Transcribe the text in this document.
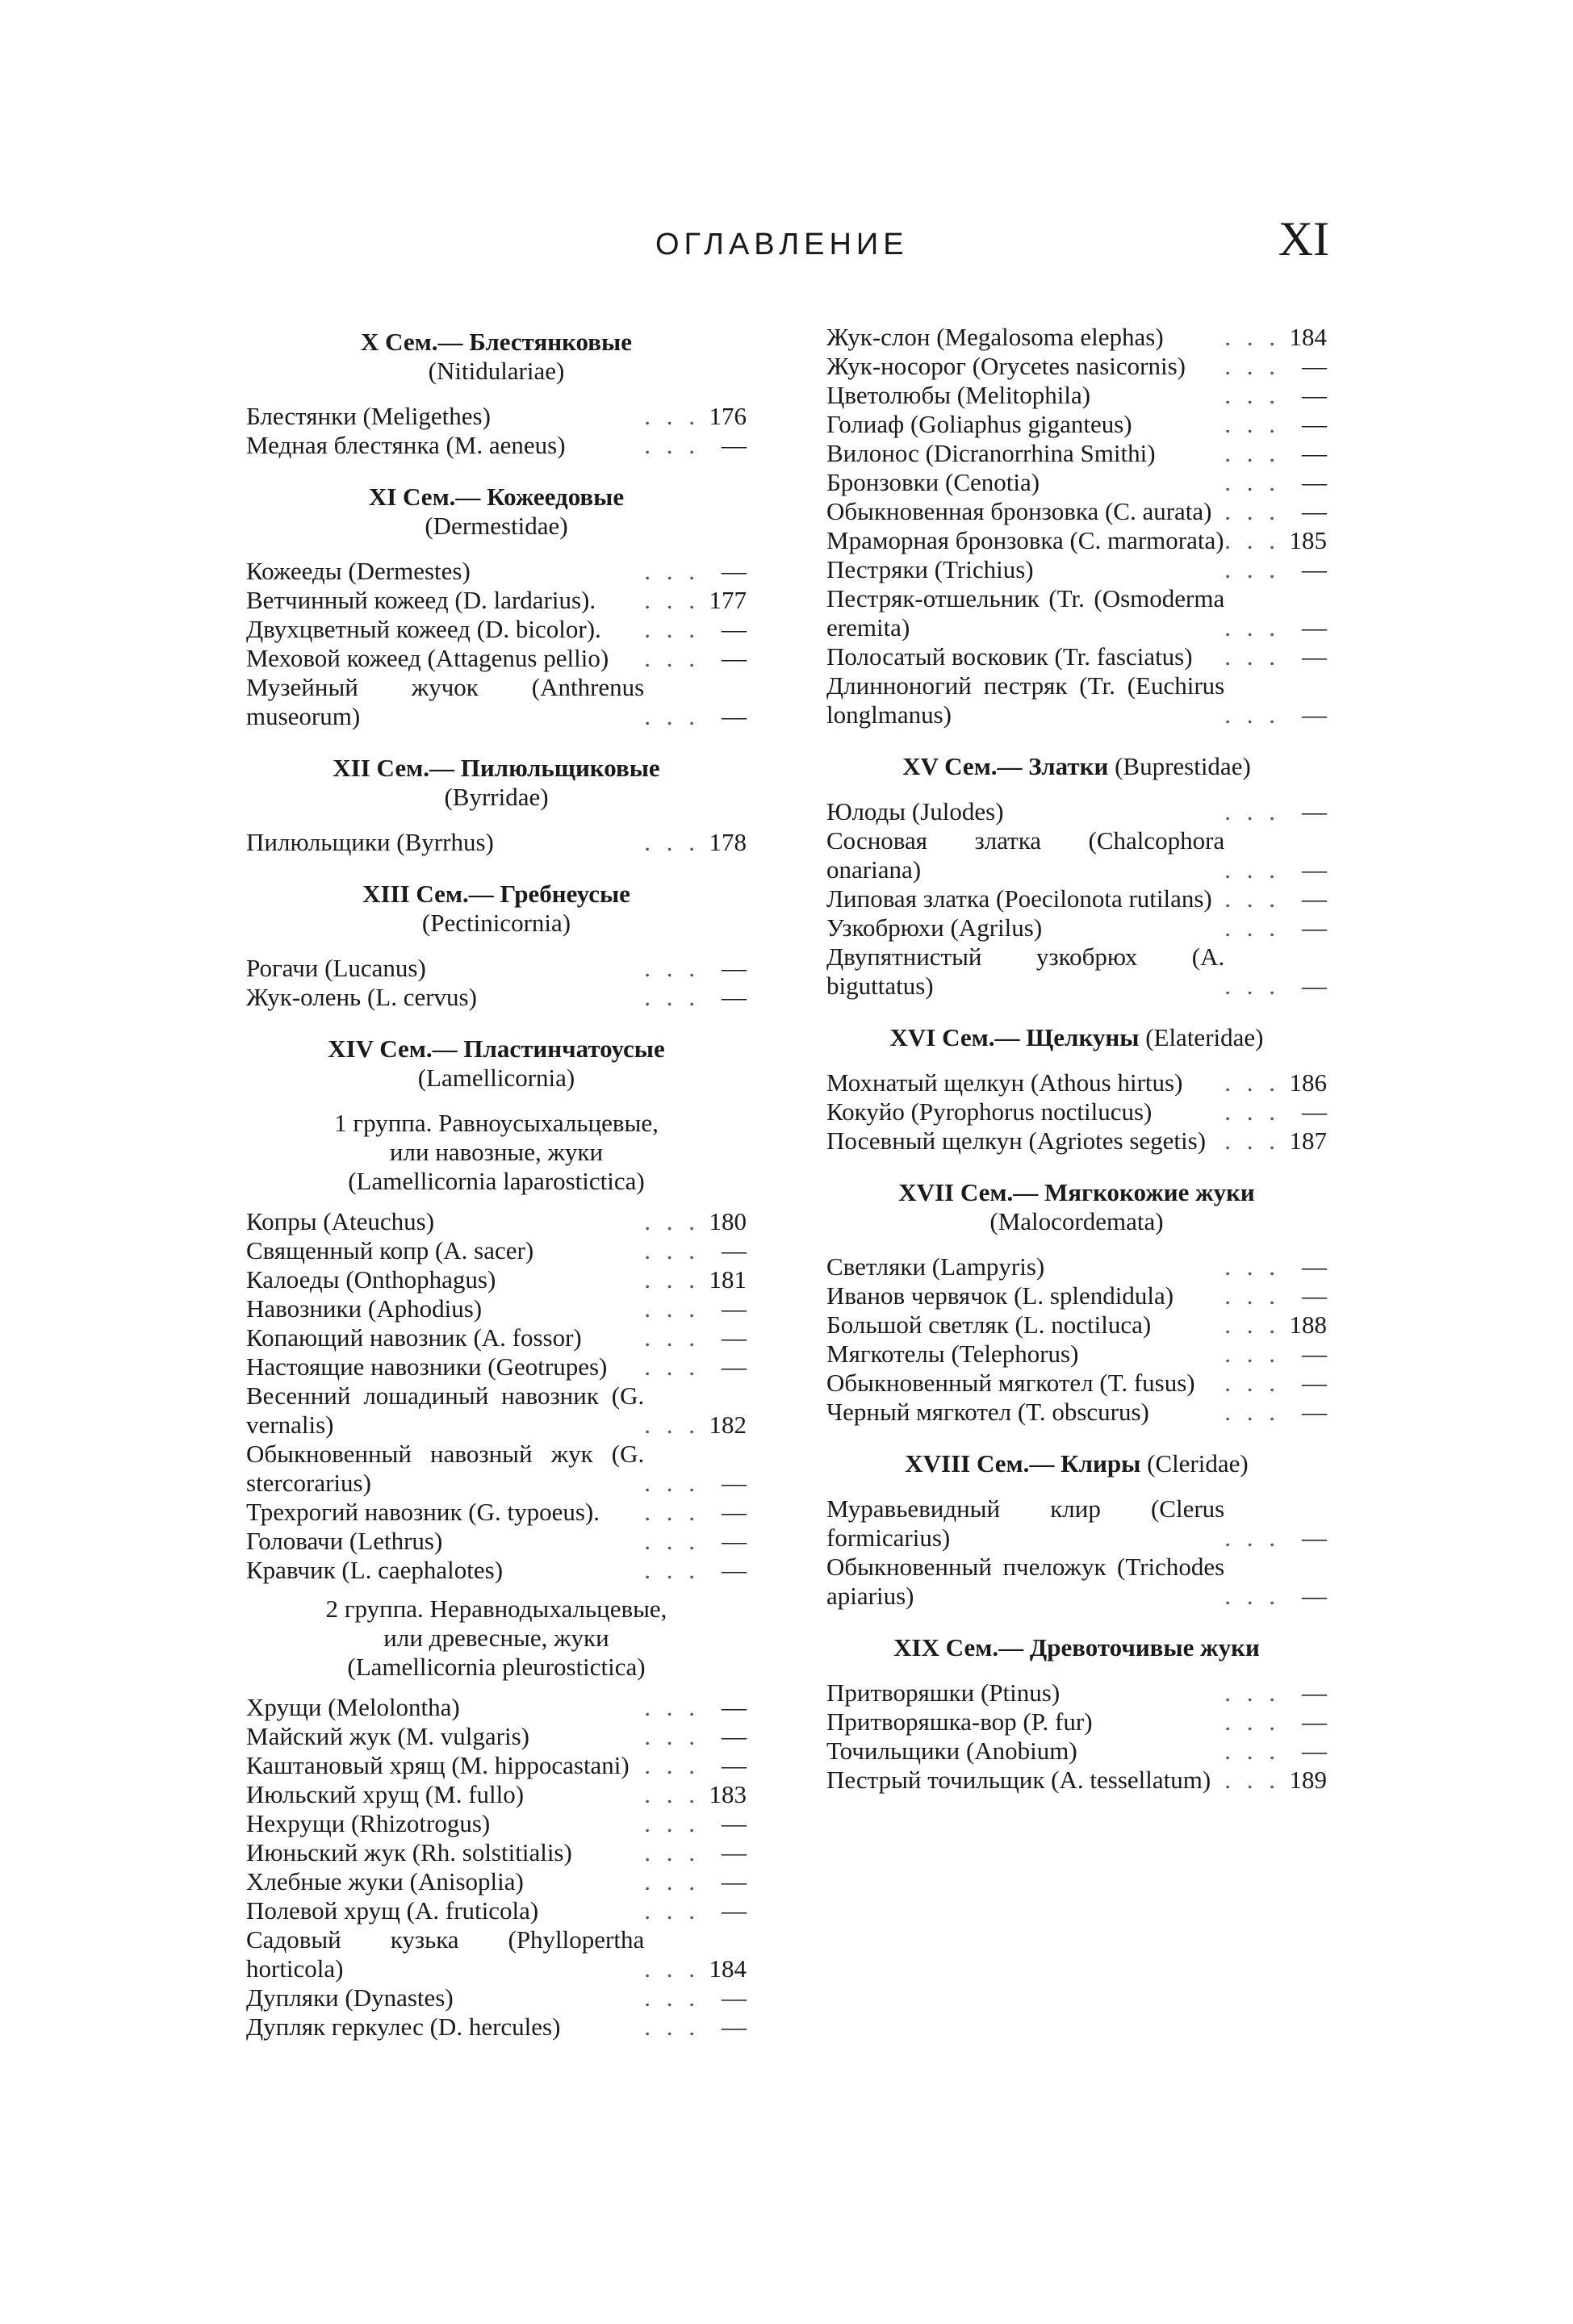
ОГЛАВЛЕНИЕ	XI
X Сем.— Блестянковые (Nitidulariae)
Блестянки (Meligethes)	. . . 176
Медная блестянка (M. aeneus)	. . . —
XI Сем.— Кожеедовые (Dermestidae)
Кожееды (Dermestes)	. . . —
Ветчинный кожеед (D. lardarius).	. . . 177
Двухцветный кожеед (D. bicolor).	. . . —
Меховой кожеед (Attagenus pellio)	. . . —
Музейный жучок (Anthrenus museorum)	. . . —
XII Сем.— Пилюльщиковые (Byrridae)
Пилюльщики (Byrrhus)	. . . 178
XIII Сем.— Гребнеусые (Pectinicornia)
Рогачи (Lucanus)	. . . —
Жук-олень (L. cervus)	. . . —
XIV Сем.— Пластинчатоусые (Lamellicornia)
1 группа. Равноусыхальцевые, или навозные, жуки (Lamellicornia laparostictica)
Копры (Ateuchus)	. . . 180
Священный копр (A. sacer)	. . . —
Калоеды (Onthophagus)	. . . 181
Навозники (Aphodius)	. . . —
Копающий навозник (A. fossor)	. . . —
Настоящие навозники (Geotrupes)	. . . —
Весенний лошадиный навозник (G. vernalis)	. . . 182
Обыкновенный навозный жук (G. stercorarius)	. . . —
Трехрогий навозник (G. typoeus).	. . . —
Головачи (Lethrus)	. . . —
Кравчик (L. caephalotes)	. . . —
2 группа. Неравнодыхальцевые, или древесные, жуки (Lamellicornia pleurostictica)
Хрущи (Melolontha)	. . . —
Майский жук (M. vulgaris)	. . . —
Каштановый хрящ (M. hippocastani) . . . —
Июльский хрущ (M. fullo)	. . . 183
Нехрущи (Rhizotrogus)	. . . —
Июньский жук (Rh. solstitialis)	. . . —
Хлебные жуки (Anisoplia)	. . . —
Полевой хрущ (A. fruticola)	. . . —
Садовый кузька (Phyllopertha horticola)	. . . 184
Дупляки (Dynastes)	. . . —
Дупляк геркулес (D. hercules)	. . . —
Жук-слон (Megalosoma elephas)	. . . 184
Жук-носорог (Orycetes nasicornis)	. . . —
Цветолюбы (Melitophila)	. . . —
Голиаф (Goliaphus giganteus)	. . . —
Вилонос (Dicranorrhina Smithi)	. . . —
Бронзовки (Cenotia)	. . . —
Обыкновенная бронзовка (C. aurata) . . . —
Мраморная бронзовка (C. marmorata) . . . 185
Пестряки (Trichius)	. . . —
Пестряк-отшельник (Tr. (Osmoderma eremita)	. . . —
Полосатый восковик (Tr. fasciatus)	. . . —
Длинноногий пестряк (Tr. (Euchirus longlmanus)	. . . —
XV Сем.— Златки (Buprestidae)
Юлоды (Julodes)	. . . —
Сосновая златка (Chalcophora onariana)	. . . —
Липовая златка (Poecilonota rutilans) . . . —
Узкобрюхи (Agrilus)	. . . —
Двупятнистый узкобрюх (A. biguttatus)	. . . —
XVI Сем.— Щелкуны (Elateridae)
Мохнатый щелкун (Athous hirtus)	. . . 186
Кокуйо (Pyrophorus noctilucus)	. . . —
Посевный щелкун (Agriotes segetis) . . . 187
XVII Сем.— Мягкокожие жуки (Malocordemata)
Светляки (Lampyris)	. . . —
Иванов червячок (L. splendidula)	. . . —
Большой светляк (L. noctiluca)	. . . 188
Мягкотелы (Telephorus)	. . . —
Обыкновенный мягкотел (T. fusus)	. . . —
Черный мягкотел (T. obscurus)	. . . —
XVIII Сем.— Клиры (Cleridae)
Муравьевидный клир (Clerus formicarius)	. . . —
Обыкновенный пчеложук (Trichodes apiarius)	. . . —
XIX Сем.— Древоточивые жуки
Притворяшки (Ptinus)	. . . —
Притворяшка-вор (P. fur)	. . . —
Точильщики (Anobium)	. . . —
Пестрый точильщик (A. tessellatum) . . . 189
